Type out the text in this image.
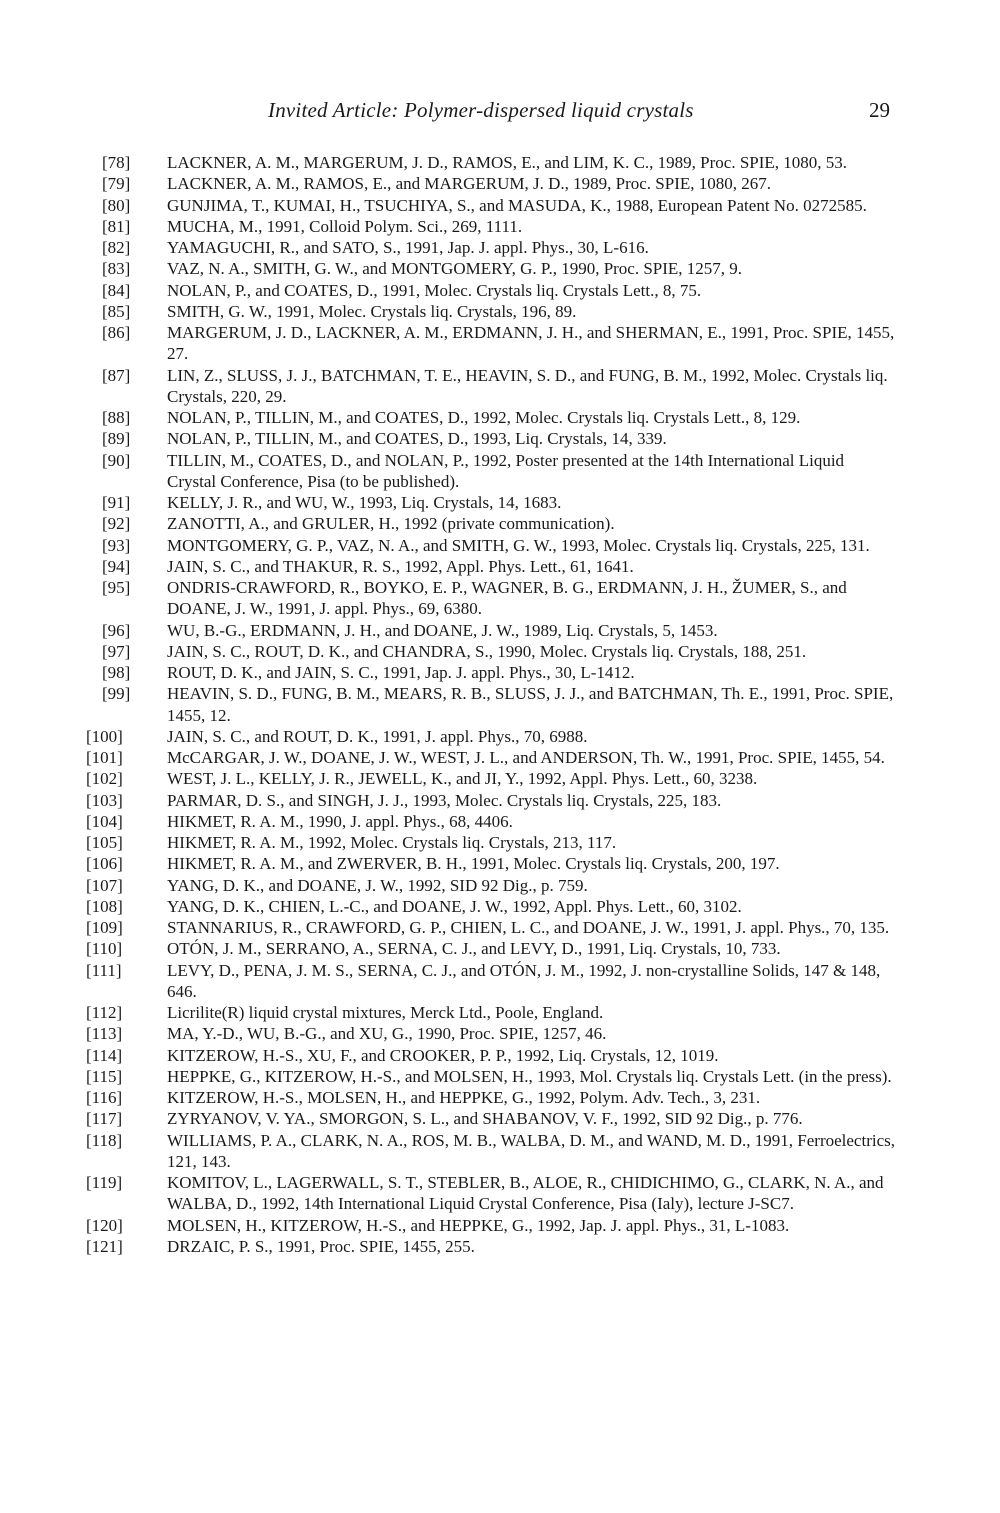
Invited Article: Polymer-dispersed liquid crystals	29
[78] LACKNER, A. M., MARGERUM, J. D., RAMOS, E., and LIM, K. C., 1989, Proc. SPIE, 1080, 53.
[79] LACKNER, A. M., RAMOS, E., and MARGERUM, J. D., 1989, Proc. SPIE, 1080, 267.
[80] GUNJIMA, T., KUMAI, H., TSUCHIYA, S., and MASUDA, K., 1988, European Patent No. 0272585.
[81] MUCHA, M., 1991, Colloid Polym. Sci., 269, 1111.
[82] YAMAGUCHI, R., and SATO, S., 1991, Jap. J. appl. Phys., 30, L-616.
[83] VAZ, N. A., SMITH, G. W., and MONTGOMERY, G. P., 1990, Proc. SPIE, 1257, 9.
[84] NOLAN, P., and COATES, D., 1991, Molec. Crystals liq. Crystals Lett., 8, 75.
[85] SMITH, G. W., 1991, Molec. Crystals liq. Crystals, 196, 89.
[86] MARGERUM, J. D., LACKNER, A. M., ERDMANN, J. H., and SHERMAN, E., 1991, Proc. SPIE, 1455, 27.
[87] LIN, Z., SLUSS, J. J., BATCHMAN, T. E., HEAVIN, S. D., and FUNG, B. M., 1992, Molec. Crystals liq. Crystals, 220, 29.
[88] NOLAN, P., TILLIN, M., and COATES, D., 1992, Molec. Crystals liq. Crystals Lett., 8, 129.
[89] NOLAN, P., TILLIN, M., and COATES, D., 1993, Liq. Crystals, 14, 339.
[90] TILLIN, M., COATES, D., and NOLAN, P., 1992, Poster presented at the 14th International Liquid Crystal Conference, Pisa (to be published).
[91] KELLY, J. R., and WU, W., 1993, Liq. Crystals, 14, 1683.
[92] ZANOTTI, A., and GRULER, H., 1992 (private communication).
[93] MONTGOMERY, G. P., VAZ, N. A., and SMITH, G. W., 1993, Molec. Crystals liq. Crystals, 225, 131.
[94] JAIN, S. C., and THAKUR, R. S., 1992, Appl. Phys. Lett., 61, 1641.
[95] ONDRIS-CRAWFORD, R., BOYKO, E. P., WAGNER, B. G., ERDMANN, J. H., ŽUMER, S., and DOANE, J. W., 1991, J. appl. Phys., 69, 6380.
[96] WU, B.-G., ERDMANN, J. H., and DOANE, J. W., 1989, Liq. Crystals, 5, 1453.
[97] JAIN, S. C., ROUT, D. K., and CHANDRA, S., 1990, Molec. Crystals liq. Crystals, 188, 251.
[98] ROUT, D. K., and JAIN, S. C., 1991, Jap. J. appl. Phys., 30, L-1412.
[99] HEAVIN, S. D., FUNG, B. M., MEARS, R. B., SLUSS, J. J., and BATCHMAN, Th. E., 1991, Proc. SPIE, 1455, 12.
[100]	JAIN, S. C., and ROUT, D. K., 1991, J. appl. Phys., 70, 6988.
[101]	McCARGAR, J. W., DOANE, J. W., WEST, J. L., and ANDERSON, Th. W., 1991, Proc. SPIE, 1455, 54.
[102]	WEST, J. L., KELLY, J. R., JEWELL, K., and JI, Y., 1992, Appl. Phys. Lett., 60, 3238.
[103]	PARMAR, D. S., and SINGH, J. J., 1993, Molec. Crystals liq. Crystals, 225, 183.
[104]	HIKMET, R. A. M., 1990, J. appl. Phys., 68, 4406.
[105]	HIKMET, R. A. M., 1992, Molec. Crystals liq. Crystals, 213, 117.
[106]	HIKMET, R. A. M., and ZWERVER, B. H., 1991, Molec. Crystals liq. Crystals, 200, 197.
[107]	YANG, D. K., and DOANE, J. W., 1992, SID 92 Dig., p. 759.
[108]	YANG, D. K., CHIEN, L.-C., and DOANE, J. W., 1992, Appl. Phys. Lett., 60, 3102.
[109]	STANNARIUS, R., CRAWFORD, G. P., CHIEN, L. C., and DOANE, J. W., 1991, J. appl. Phys., 70, 135.
[110]	OTÓN, J. M., SERRANO, A., SERNA, C. J., and LEVY, D., 1991, Liq. Crystals, 10, 733.
[111]	LEVY, D., PENA, J. M. S., SERNA, C. J., and OTÓN, J. M., 1992, J. non-crystalline Solids, 147 & 148, 646.
[112]	Licrilite(R) liquid crystal mixtures, Merck Ltd., Poole, England.
[113]	MA, Y.-D., WU, B.-G., and XU, G., 1990, Proc. SPIE, 1257, 46.
[114]	KITZEROW, H.-S., XU, F., and CROOKER, P. P., 1992, Liq. Crystals, 12, 1019.
[115]	HEPPKE, G., KITZEROW, H.-S., and MOLSEN, H., 1993, Mol. Crystals liq. Crystals Lett. (in the press).
[116]	KITZEROW, H.-S., MOLSEN, H., and HEPPKE, G., 1992, Polym. Adv. Tech., 3, 231.
[117]	ZYRYANOV, V. YA., SMORGON, S. L., and SHABANOV, V. F., 1992, SID 92 Dig., p. 776.
[118]	WILLIAMS, P. A., CLARK, N. A., ROS, M. B., WALBA, D. M., and WAND, M. D., 1991, Ferroelectrics, 121, 143.
[119]	KOMITOV, L., LAGERWALL, S. T., STEBLER, B., ALOE, R., CHIDICHIMO, G., CLARK, N. A., and WALBA, D., 1992, 14th International Liquid Crystal Conference, Pisa (Ialy), lecture J-SC7.
[120]	MOLSEN, H., KITZEROW, H.-S., and HEPPKE, G., 1992, Jap. J. appl. Phys., 31, L-1083.
[121]	DRZAIC, P. S., 1991, Proc. SPIE, 1455, 255.
